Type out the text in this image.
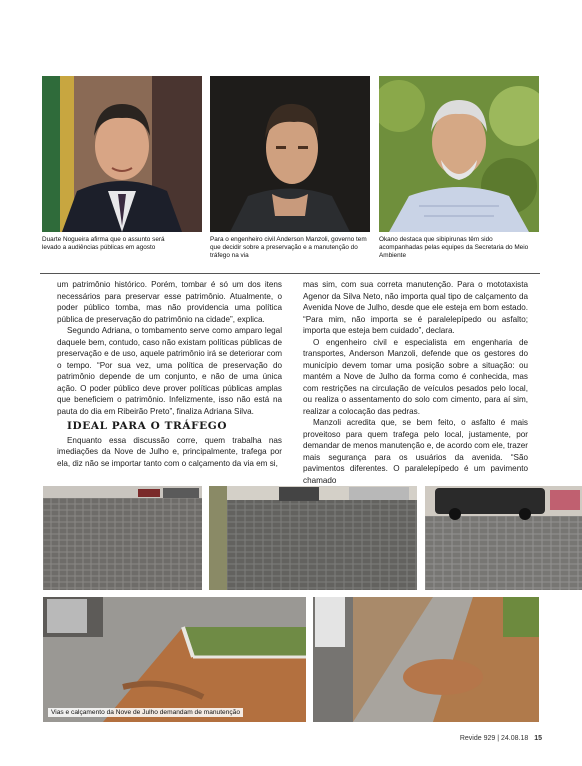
Duarte Nogueira afirma que o assunto será levado a audiências públicas em agosto
Para o engenheiro civil Anderson Manzoli, governo tem que decidir sobre a preservação e a manutenção do tráfego na via
Okano destaca que sibipirunas têm sido acompanhadas pelas equipes da Secretaria do Meio Ambiente

um patrimônio histórico. Porém, tombar é só um dos itens necessários para preservar esse patrimônio. Atualmente, o poder público tomba, mas não providencia uma política pública de preservação do patrimônio na cidade”, explica.

Segundo Adriana, o tombamento serve como amparo legal daquele bem, contudo, caso não existam políticas públicas de preservação e de uso, aquele patrimônio irá se deteriorar com o tempo. “Por sua vez, uma política de preservação do patrimônio depende de um conjunto, e não de uma única ação. O poder público deve prover políticas públicas amplas que beneficiem o patrimônio. Infelizmente, isso não está na pauta do dia em Ribeirão Preto”, finaliza Adriana Silva.

IDEAL PARA O TRÁFEGO

Enquanto essa discussão corre, quem trabalha nas imediações da Nove de Julho e, principalmente, trafega por ela, diz não se importar tanto com o calçamento da via em si,

mas sim, com sua correta manutenção. Para o mototaxista Agenor da Silva Neto, não importa qual tipo de calçamento da Avenida Nove de Julho, desde que ele esteja em bom estado. “Para mim, não importa se é paralelepípedo ou asfalto; importa que esteja bem cuidado”, declara.

O engenheiro civil e especialista em engenharia de transportes, Anderson Manzoli, defende que os gestores do município devem tomar uma posição sobre a situação: ou mantém a Nove de Julho da forma como é conhecida, mas com restrições na circulação de veículos pesados pelo local, ou realiza o assentamento do solo com cimento, para aí sim, realizar a colocação das pedras.

Manzoli acredita que, se bem feito, o asfalto é mais proveitoso para quem trafega pelo local, justamente, por demandar de menos manutenção e, de acordo com ele, trazer mais segurança para os usuários da avenida. “São pavimentos diferentes. O paralelepípedo é um pavimento chamado

Vias e calçamento da Nove de Julho demandam de manutenção
Revide 929 | 24.08.18 15
